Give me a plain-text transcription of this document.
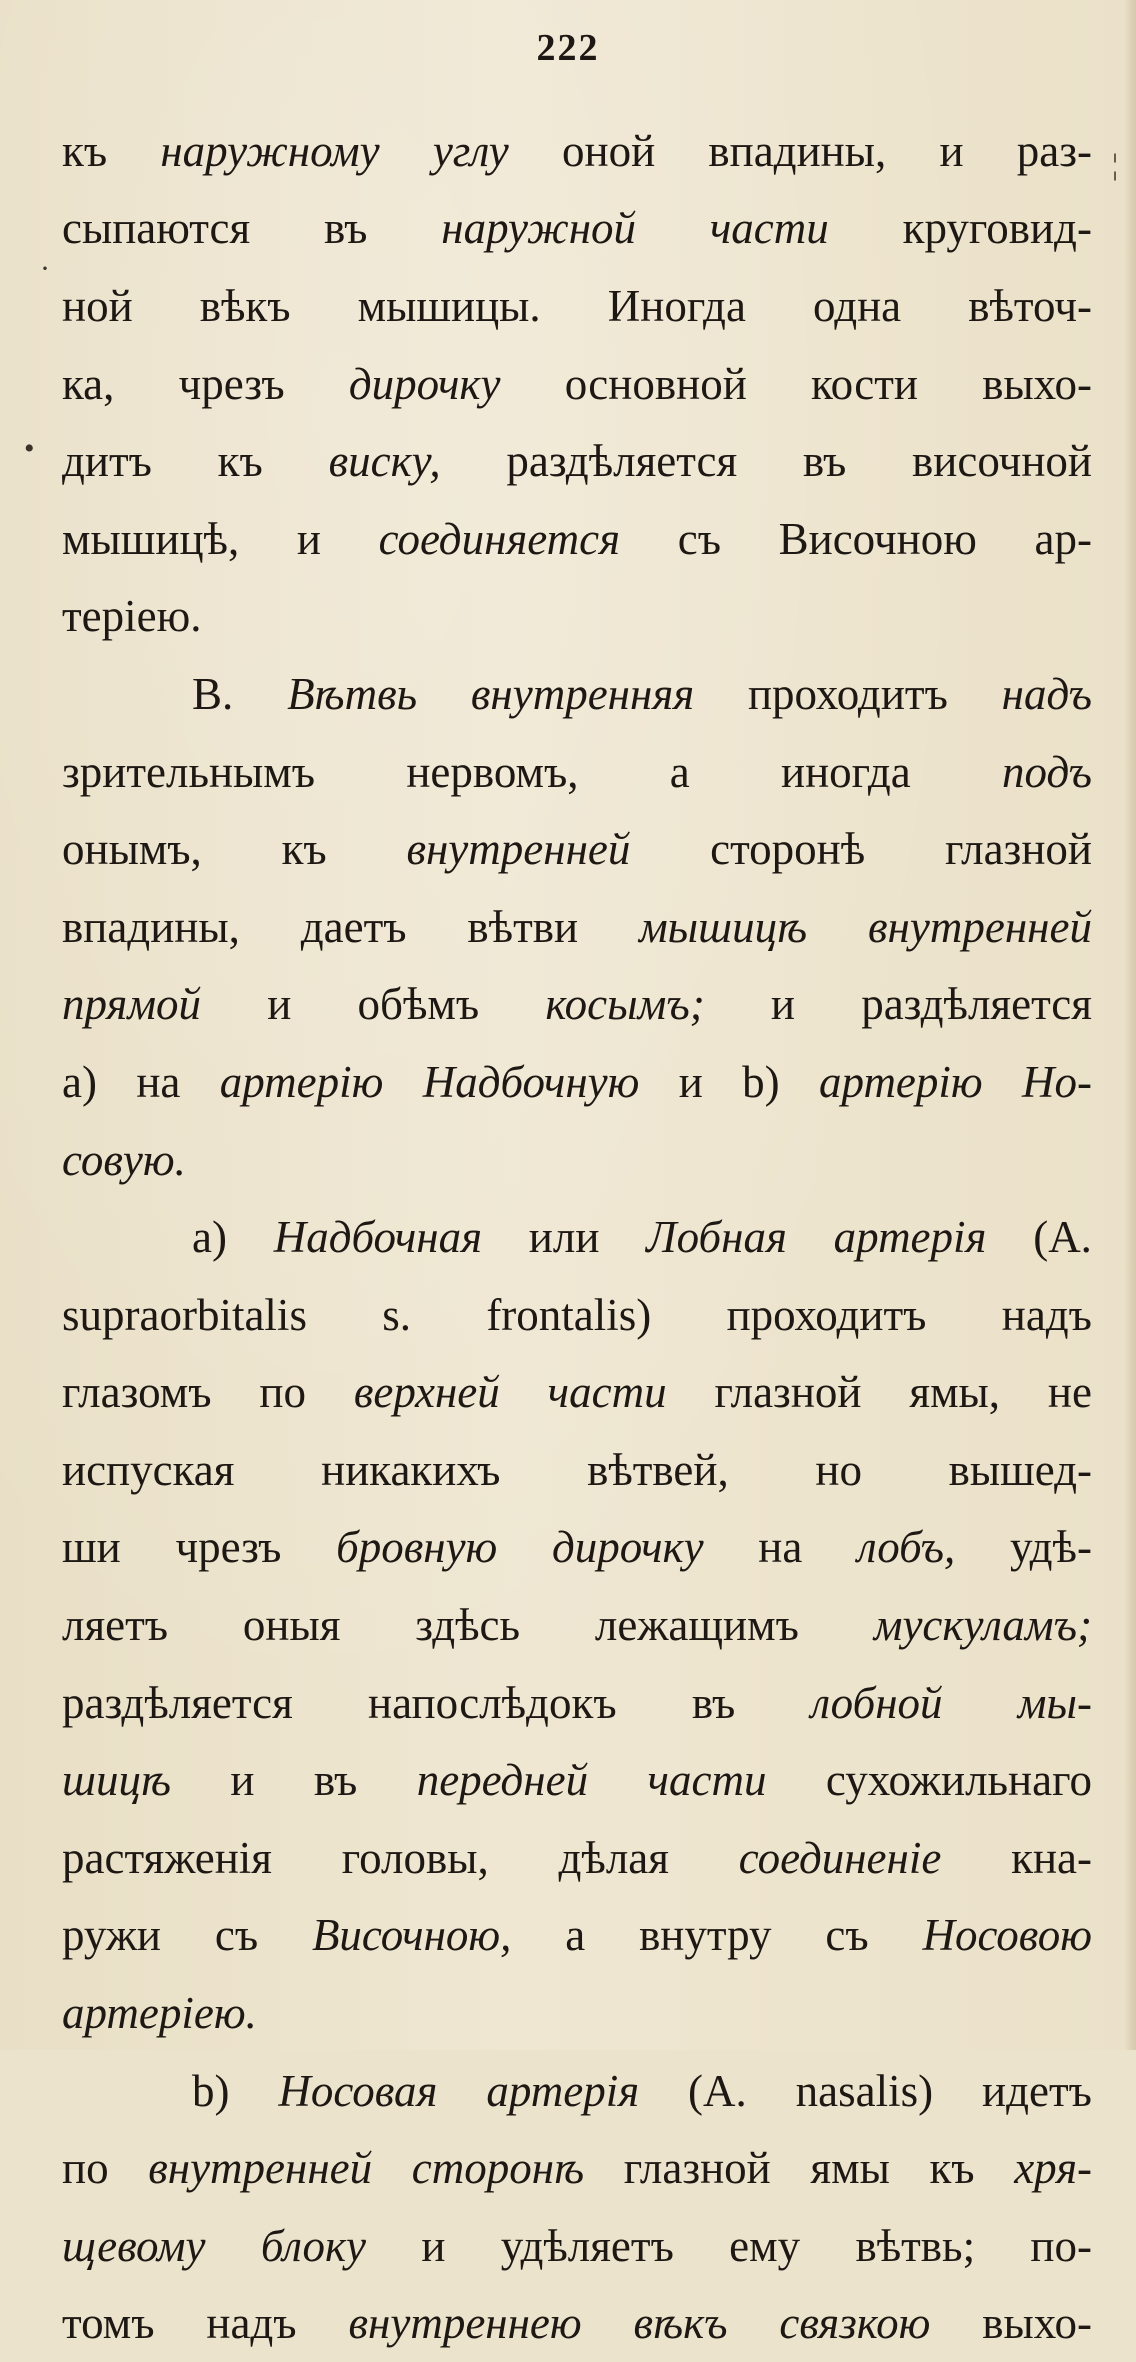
222
·
•
¦
къ наружному углу оной впадины, и раз-
сыпаются въ наружной части круговид-
ной вѣкъ мышицы. Иногда одна вѣточ-
ка, чрезъ дирочку основной кости выхо-
дитъ къ виску, раздѣляется въ височной
мышицѣ, и соединяется съ Височною ар-
теріею.
B. Вѣтвь внутренняя проходитъ надъ
зрительнымъ нервомъ, а иногда подъ
онымъ, къ внутренней сторонѣ глазной
впадины, даетъ вѣтви мышицѣ внутренней
прямой и обѣмъ косымъ; и раздѣляется
a) на артерію Надбочную и b) артерію Но-
совую.
a) Надбочная или Лобная артерія (A.
supraorbitalis s. frontalis) проходитъ надъ
глазомъ по верхней части глазной ямы, не
испуская никакихъ вѣтвей, но вышед-
ши чрезъ бровную дирочку на лобъ, удѣ-
ляетъ оныя здѣсь лежащимъ мускуламъ;
раздѣляется напослѣдокъ въ лобной мы-
шицѣ и въ передней части сухожильнаго
растяженія головы, дѣлая соединеніе кна-
ружи съ Височною, а внутру съ Носовою
артеріею.
b) Носовая артерія (A. nasalis) идетъ
по внутренней сторонѣ глазной ямы къ хря-
щевому блоку и удѣляетъ ему вѣтвь; по-
томъ надъ внутреннею вѣкъ связкою выхо-
